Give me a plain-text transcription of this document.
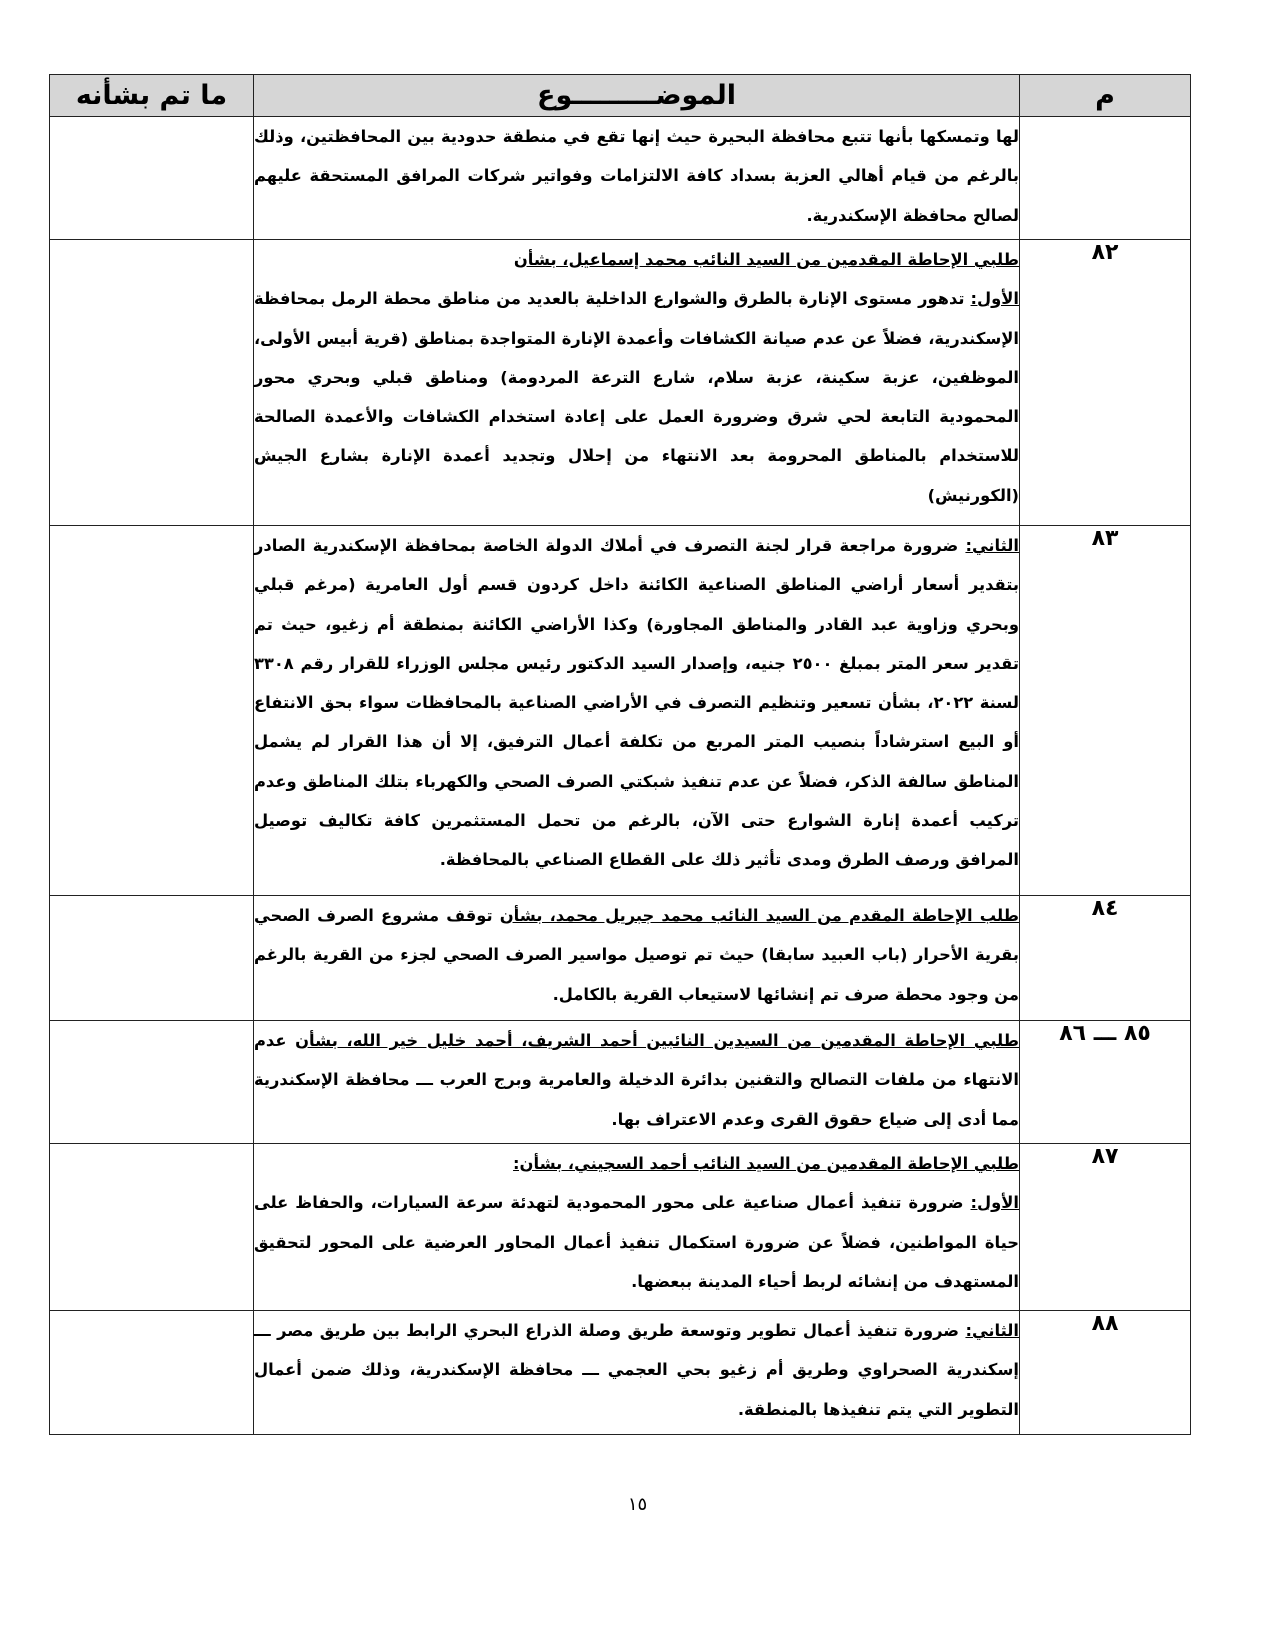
م	الموضـــــــــوع	ما تم بشأنه

	لها وتمسكها بأنها تتبع محافظة البحيرة حيث إنها تقع في منطقة حدودية بين المحافظتين، وذلك بالرغم من قيام أهالي العزبة بسداد كافة الالتزامات وفواتير شركات المرافق المستحقة عليهم لصالح محافظة الإسكندرية.	

٨٢	طلبي الإحاطة المقدمين من السيد النائب محمد إسماعيل، بشأن

الأول: تدهور مستوى الإنارة بالطرق والشوارع الداخلية بالعديد من مناطق محطة الرمل بمحافظة الإسكندرية، فضلاً عن عدم صيانة الكشافات وأعمدة الإنارة المتواجدة بمناطق (قرية أبيس الأولى، الموظفين، عزبة سكينة، عزبة سلام، شارع الترعة المردومة) ومناطق قبلي وبحري محور المحمودية التابعة لحي شرق وضرورة العمل على إعادة استخدام الكشافات والأعمدة الصالحة للاستخدام بالمناطق المحرومة بعد الانتهاء من إحلال وتجديد أعمدة الإنارة بشارع الجيش (الكورنيش)	

٨٣	الثاني: ضرورة مراجعة قرار لجنة التصرف في أملاك الدولة الخاصة بمحافظة الإسكندرية الصادر بتقدير أسعار أراضي المناطق الصناعية الكائنة داخل كردون قسم أول العامرية (مرغم قبلي وبحري وزاوية عبد القادر والمناطق المجاورة) وكذا الأراضي الكائنة بمنطقة أم زغيو، حيث تم تقدير سعر المتر بمبلغ ٢٥٠٠ جنيه، وإصدار السيد الدكتور رئيس مجلس الوزراء للقرار رقم ٣٣٠٨ لسنة ٢٠٢٢، بشأن تسعير وتنظيم التصرف في الأراضي الصناعية بالمحافظات سواء بحق الانتفاع أو البيع استرشاداً بنصيب المتر المربع من تكلفة أعمال الترفيق، إلا أن هذا القرار لم يشمل المناطق سالفة الذكر، فضلاً عن عدم تنفيذ شبكتي الصرف الصحي والكهرباء بتلك المناطق وعدم تركيب أعمدة إنارة الشوارع حتى الآن، بالرغم من تحمل المستثمرين كافة تكاليف توصيل المرافق ورصف الطرق ومدى تأثير ذلك على القطاع الصناعي بالمحافظة.	

٨٤	طلب الإحاطة المقدم من السيد النائب محمد جبريل محمد، بشأن توقف مشروع الصرف الصحي بقرية الأحرار (باب العبيد سابقا) حيث تم توصيل مواسير الصرف الصحي لجزء من القرية بالرغم من وجود محطة صرف تم إنشائها لاستيعاب القرية بالكامل.	

٨٥ ـــ ٨٦	طلبي الإحاطة المقدمين من السيدين النائبين أحمد الشريف، أحمد خليل خير الله، بشأن عدم الانتهاء من ملفات التصالح والتقنين بدائرة الدخيلة والعامرية وبرج العرب ـــ محافظة الإسكندرية مما أدى إلى ضياع حقوق القرى وعدم الاعتراف بها.	

٨٧	طلبي الإحاطة المقدمين من السيد النائب أحمد السجيني، بشأن:

الأول: ضرورة تنفيذ أعمال صناعية على محور المحمودية لتهدئة سرعة السيارات، والحفاظ على حياة المواطنين، فضلاً عن ضرورة استكمال تنفيذ أعمال المحاور العرضية على المحور لتحقيق المستهدف من إنشائه لربط أحياء المدينة ببعضها.	

٨٨	الثاني: ضرورة تنفيذ أعمال تطوير وتوسعة طريق وصلة الذراع البحري الرابط بين طريق مصر ـــ إسكندرية الصحراوي وطريق أم زغيو بحي العجمي ـــ محافظة الإسكندرية، وذلك ضمن أعمال التطوير التي يتم تنفيذها بالمنطقة.	

١٥
